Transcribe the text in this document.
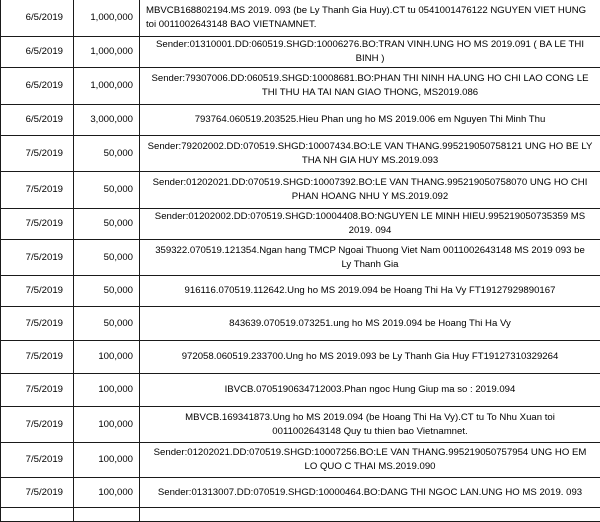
6/5/2019	1,000,000	MBVCB168802194.MS 2019. 093 (be Ly Thanh Gia Huy).CT tu 0541001476122 NGUYEN VIET HUNG toi 0011002643148 BAO VIETNAMNET.
6/5/2019	1,000,000	Sender:01310001.DD:060519.SHGD:10006276.BO:TRAN VINH.UNG HO MS 2019.091 ( BA LE THI BINH )
6/5/2019	1,000,000	Sender:79307006.DD:060519.SHGD:10008681.BO:PHAN THI NINH HA.UNG HO CHI LAO CONG LE THI THU HA TAI NAN GIAO THONG, MS2019.086
6/5/2019	3,000,000	793764.060519.203525.Hieu Phan ung ho MS 2019.006 em Nguyen Thi Minh Thu
7/5/2019	50,000	Sender:79202002.DD:070519.SHGD:10007434.BO:LE VAN THANG.995219050758121 UNG HO BE LY THA NH GIA HUY MS.2019.093
7/5/2019	50,000	Sender:01202021.DD:070519.SHGD:10007392.BO:LE VAN THANG.995219050758070 UNG HO CHI PHAN HOANG NHU Y MS.2019.092
7/5/2019	50,000	Sender:01202002.DD:070519.SHGD:10004408.BO:NGUYEN LE MINH HIEU.995219050735359 MS 2019. 094
7/5/2019	50,000	359322.070519.121354.Ngan hang TMCP Ngoai Thuong Viet Nam 0011002643148 MS 2019 093 be Ly Thanh Gia
7/5/2019	50,000	916116.070519.112642.Ung ho MS 2019.094 be Hoang Thi Ha Vy FT19127929890167
7/5/2019	50,000	843639.070519.073251.ung ho MS 2019.094 be Hoang Thi Ha Vy
7/5/2019	100,000	972058.060519.233700.Ung ho MS 2019.093 be Ly Thanh Gia Huy FT19127310329264
7/5/2019	100,000	IBVCB.0705190634712003.Phan ngoc Hung Giup ma so : 2019.094
7/5/2019	100,000	MBVCB.169341873.Ung ho MS 2019.094 (be Hoang Thi Ha Vy).CT tu To Nhu Xuan toi 0011002643148 Quy tu thien bao Vietnamnet.
7/5/2019	100,000	Sender:01202021.DD:070519.SHGD:10007256.BO:LE VAN THANG.995219050757954 UNG HO EM LO QUO C THAI MS.2019.090
7/5/2019	100,000	Sender:01313007.DD:070519.SHGD:10000464.BO:DANG THI NGOC LAN.UNG HO MS 2019. 093
